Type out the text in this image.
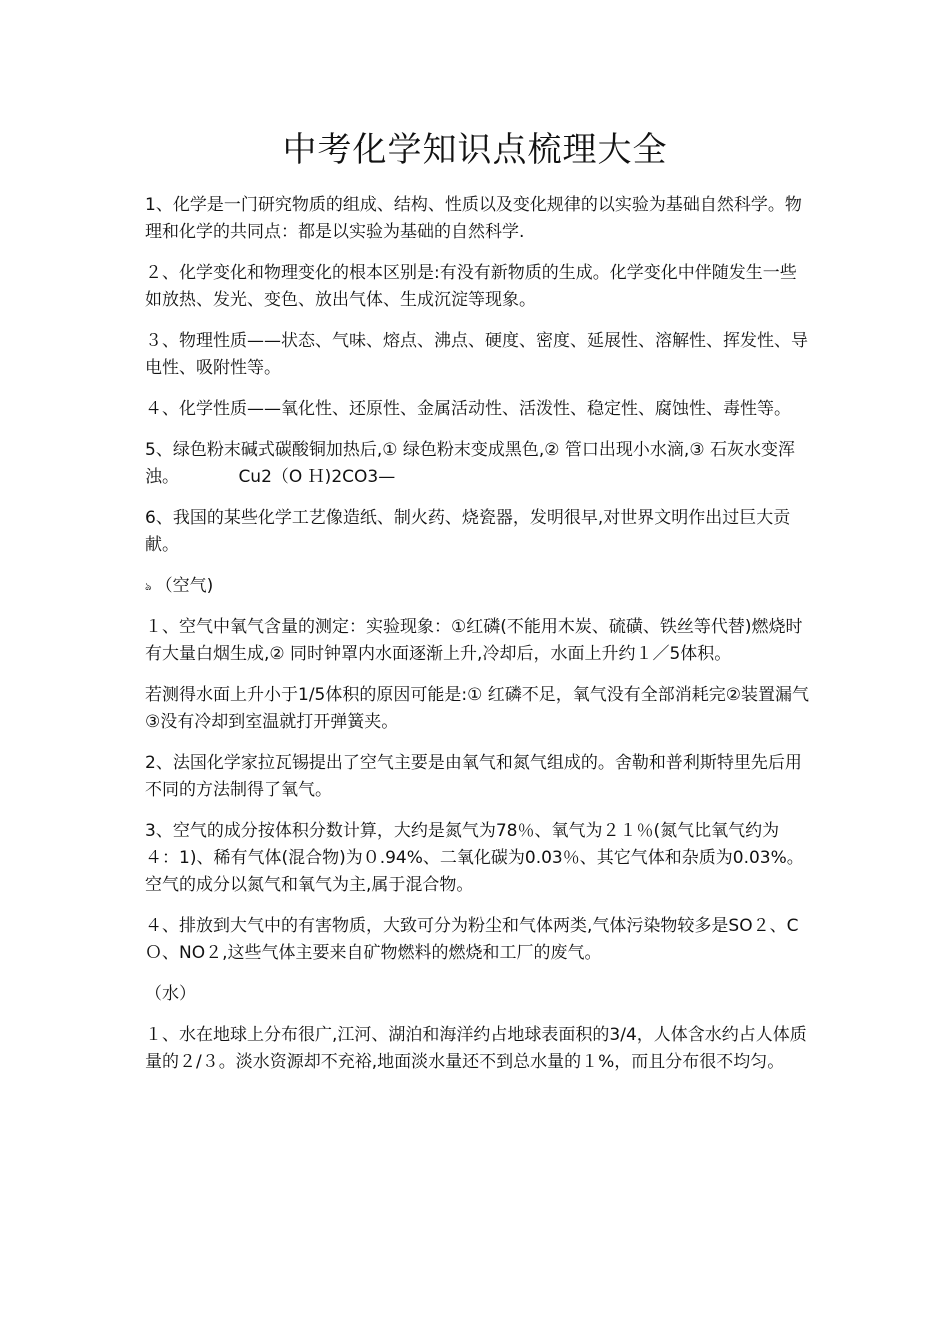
中考化学知识点梳理大全

1、化学是一门研究物质的组成、结构、性质以及变化规律的以实验为基础自然科学。物理和化学的共同点：都是以实验为基础的自然科学.

２、化学变化和物理变化的根本区别是:有没有新物质的生成。化学变化中伴随发生一些如放热、发光、变色、放出气体、生成沉淀等现象。

３、物理性质——状态、气味、熔点、沸点、硬度、密度、延展性、溶解性、挥发性、导电性、吸附性等。

４、化学性质——氧化性、还原性、金属活动性、活泼性、稳定性、腐蚀性、毒性等。

5、绿色粉末碱式碳酸铜加热后,① 绿色粉末变成黑色,② 管口出现小水滴,③ 石灰水变浑浊。           Cu2（O Ｈ)2CO3—

6、我国的某些化学工艺像造纸、制火药、烧瓷器，发明很早,对世界文明作出过巨大贡献。

ঌ （空气)

１、空气中氧气含量的测定：实验现象：①红磷(不能用木炭、硫磺、铁丝等代替)燃烧时有大量白烟生成,② 同时钟罩内水面逐渐上升,冷却后，水面上升约１／5体积。

若测得水面上升小于1/5体积的原因可能是:① 红磷不足，氧气没有全部消耗完②装置漏气③没有冷却到室温就打开弹簧夹。

2、法国化学家拉瓦锡提出了空气主要是由氧气和氮气组成的。舍勒和普利斯特里先后用不同的方法制得了氧气。

3、空气的成分按体积分数计算，大约是氮气为78％、氧气为２１％(氮气比氧气约为４：1)、稀有气体(混合物)为０.94%、二氧化碳为0.03％、其它气体和杂质为0.03%。空气的成分以氮气和氧气为主,属于混合物。

４、排放到大气中的有害物质，大致可分为粉尘和气体两类,气体污染物较多是SO２、CＯ、NO２,这些气体主要来自矿物燃料的燃烧和工厂的废气。

（水）

１、水在地球上分布很广,江河、湖泊和海洋约占地球表面积的3/4，人体含水约占人体质量的２/３。淡水资源却不充裕,地面淡水量还不到总水量的１%，而且分布很不均匀。
